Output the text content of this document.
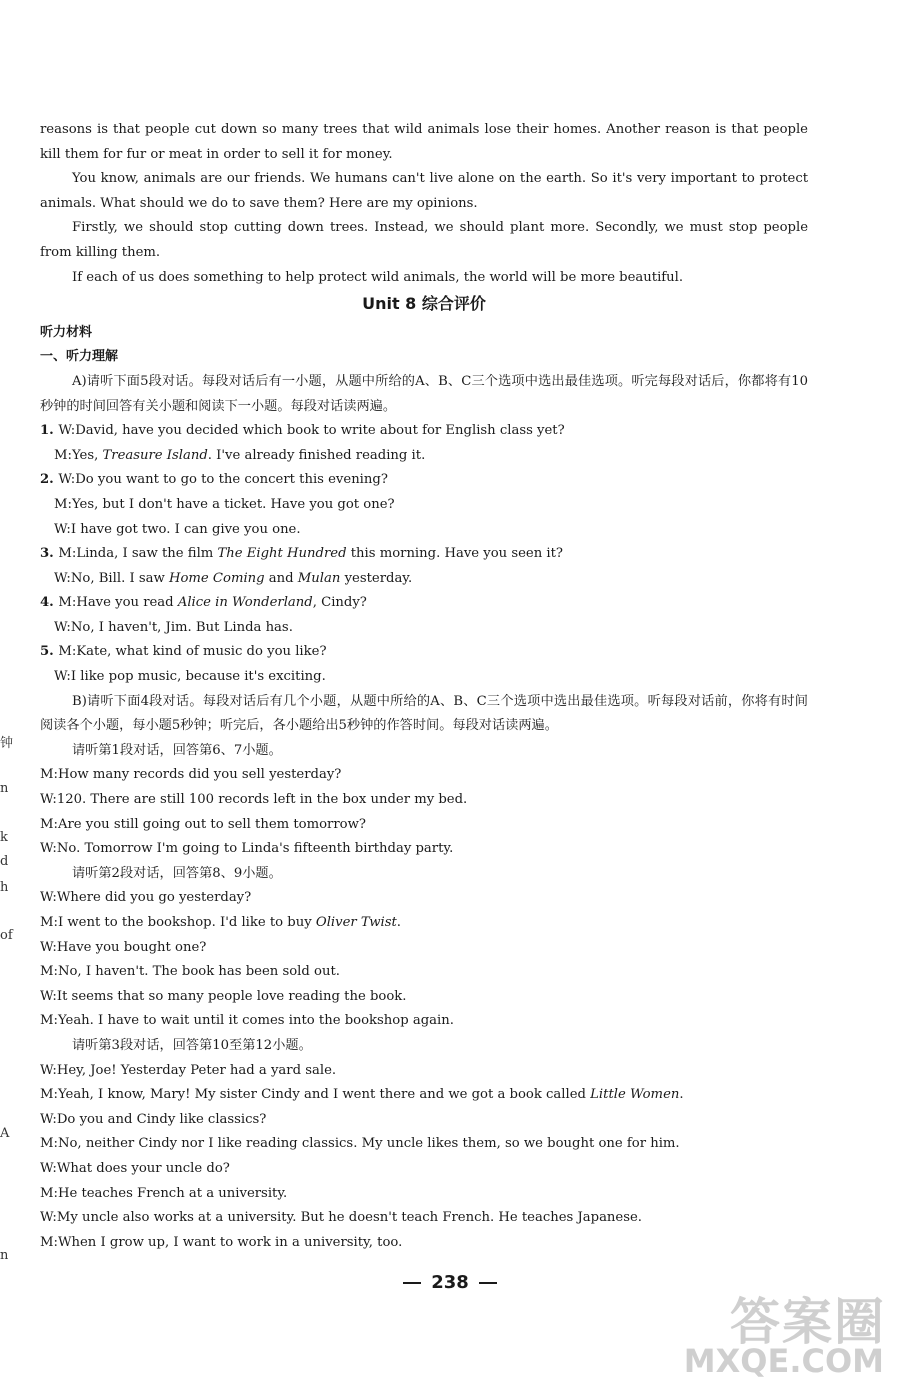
reasons is that people cut down so many trees that wild animals lose their homes. Another reason is that people kill them for fur or meat in order to sell it for money.

You know, animals are our friends. We humans can't live alone on the earth. So it's very important to protect animals. What should we do to save them? Here are my opinions.

Firstly, we should stop cutting down trees. Instead, we should plant more. Secondly, we must stop people from killing them.

If each of us does something to help protect wild animals, the world will be more beautiful.

Unit 8 综合评价

听力材料

一、听力理解

A)请听下面5段对话。每段对话后有一小题，从题中所给的A、B、C三个选项中选出最佳选项。听完每段对话后，你都将有10秒钟的时间回答有关小题和阅读下一小题。每段对话读两遍。

1. W:David, have you decided which book to write about for English class yet?

M:Yes, Treasure Island. I've already finished reading it.

2. W:Do you want to go to the concert this evening?

M:Yes, but I don't have a ticket. Have you got one?

W:I have got two. I can give you one.

3. M:Linda, I saw the film The Eight Hundred this morning. Have you seen it?

W:No, Bill. I saw Home Coming and Mulan yesterday.

4. M:Have you read Alice in Wonderland, Cindy?

W:No, I haven't, Jim. But Linda has.

5. M:Kate, what kind of music do you like?

W:I like pop music, because it's exciting.

B)请听下面4段对话。每段对话后有几个小题，从题中所给的A、B、C三个选项中选出最佳选项。听每段对话前，你将有时间阅读各个小题，每小题5秒钟；听完后，各小题给出5秒钟的作答时间。每段对话读两遍。

请听第1段对话，回答第6、7小题。

M:How many records did you sell yesterday?

W:120. There are still 100 records left in the box under my bed.

M:Are you still going out to sell them tomorrow?

W:No. Tomorrow I'm going to Linda's fifteenth birthday party.

请听第2段对话，回答第8、9小题。

W:Where did you go yesterday?

M:I went to the bookshop. I'd like to buy Oliver Twist.

W:Have you bought one?

M:No, I haven't. The book has been sold out.

W:It seems that so many people love reading the book.

M:Yeah. I have to wait until it comes into the bookshop again.

请听第3段对话，回答第10至第12小题。

W:Hey, Joe! Yesterday Peter had a yard sale.

M:Yeah, I know, Mary! My sister Cindy and I went there and we got a book called Little Women.

W:Do you and Cindy like classics?

M:No, neither Cindy nor I like reading classics. My uncle likes them, so we bought one for him.

W:What does your uncle do?

M:He teaches French at a university.

W:My uncle also works at a university. But he doesn't teach French. He teaches Japanese.

M:When I grow up, I want to work in a university, too.

238
钟
n
k
d
h
of
A
n
答案圈
MXQE.COM
